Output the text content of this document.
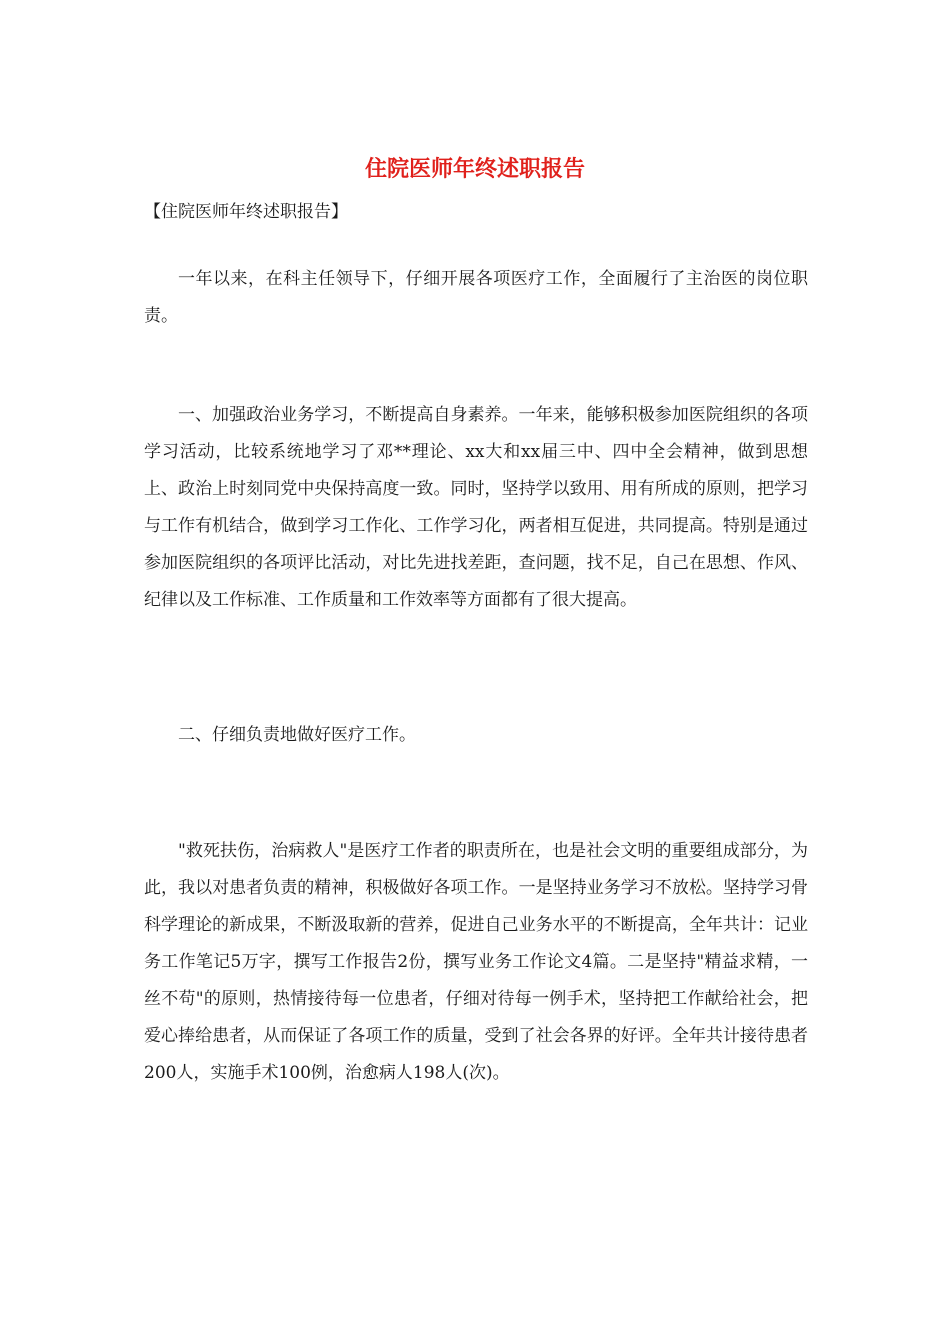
住院医师年终述职报告

【住院医师年终述职报告】

一年以来，在科主任领导下，仔细开展各项医疗工作，全面履行了主治医的岗位职责。

一、加强政治业务学习，不断提高自身素养。一年来，能够积极参加医院组织的各项学习活动，比较系统地学习了邓**理论、xx大和xx届三中、四中全会精神，做到思想上、政治上时刻同党中央保持高度一致。同时，坚持学以致用、用有所成的原则，把学习与工作有机结合，做到学习工作化、工作学习化，两者相互促进，共同提高。特别是通过参加医院组织的各项评比活动，对比先进找差距，查问题，找不足，自己在思想、作风、纪律以及工作标准、工作质量和工作效率等方面都有了很大提高。

二、仔细负责地做好医疗工作。

"救死扶伤，治病救人"是医疗工作者的职责所在，也是社会文明的重要组成部分，为此，我以对患者负责的精神，积极做好各项工作。一是坚持业务学习不放松。坚持学习骨科学理论的新成果，不断汲取新的营养，促进自己业务水平的不断提高，全年共计：记业务工作笔记5万字，撰写工作报告2份，撰写业务工作论文4篇。二是坚持"精益求精，一丝不苟"的原则，热情接待每一位患者，仔细对待每一例手术，坚持把工作献给社会，把爱心捧给患者，从而保证了各项工作的质量，受到了社会各界的好评。全年共计接待患者200人，实施手术100例，治愈病人198人(次)。
